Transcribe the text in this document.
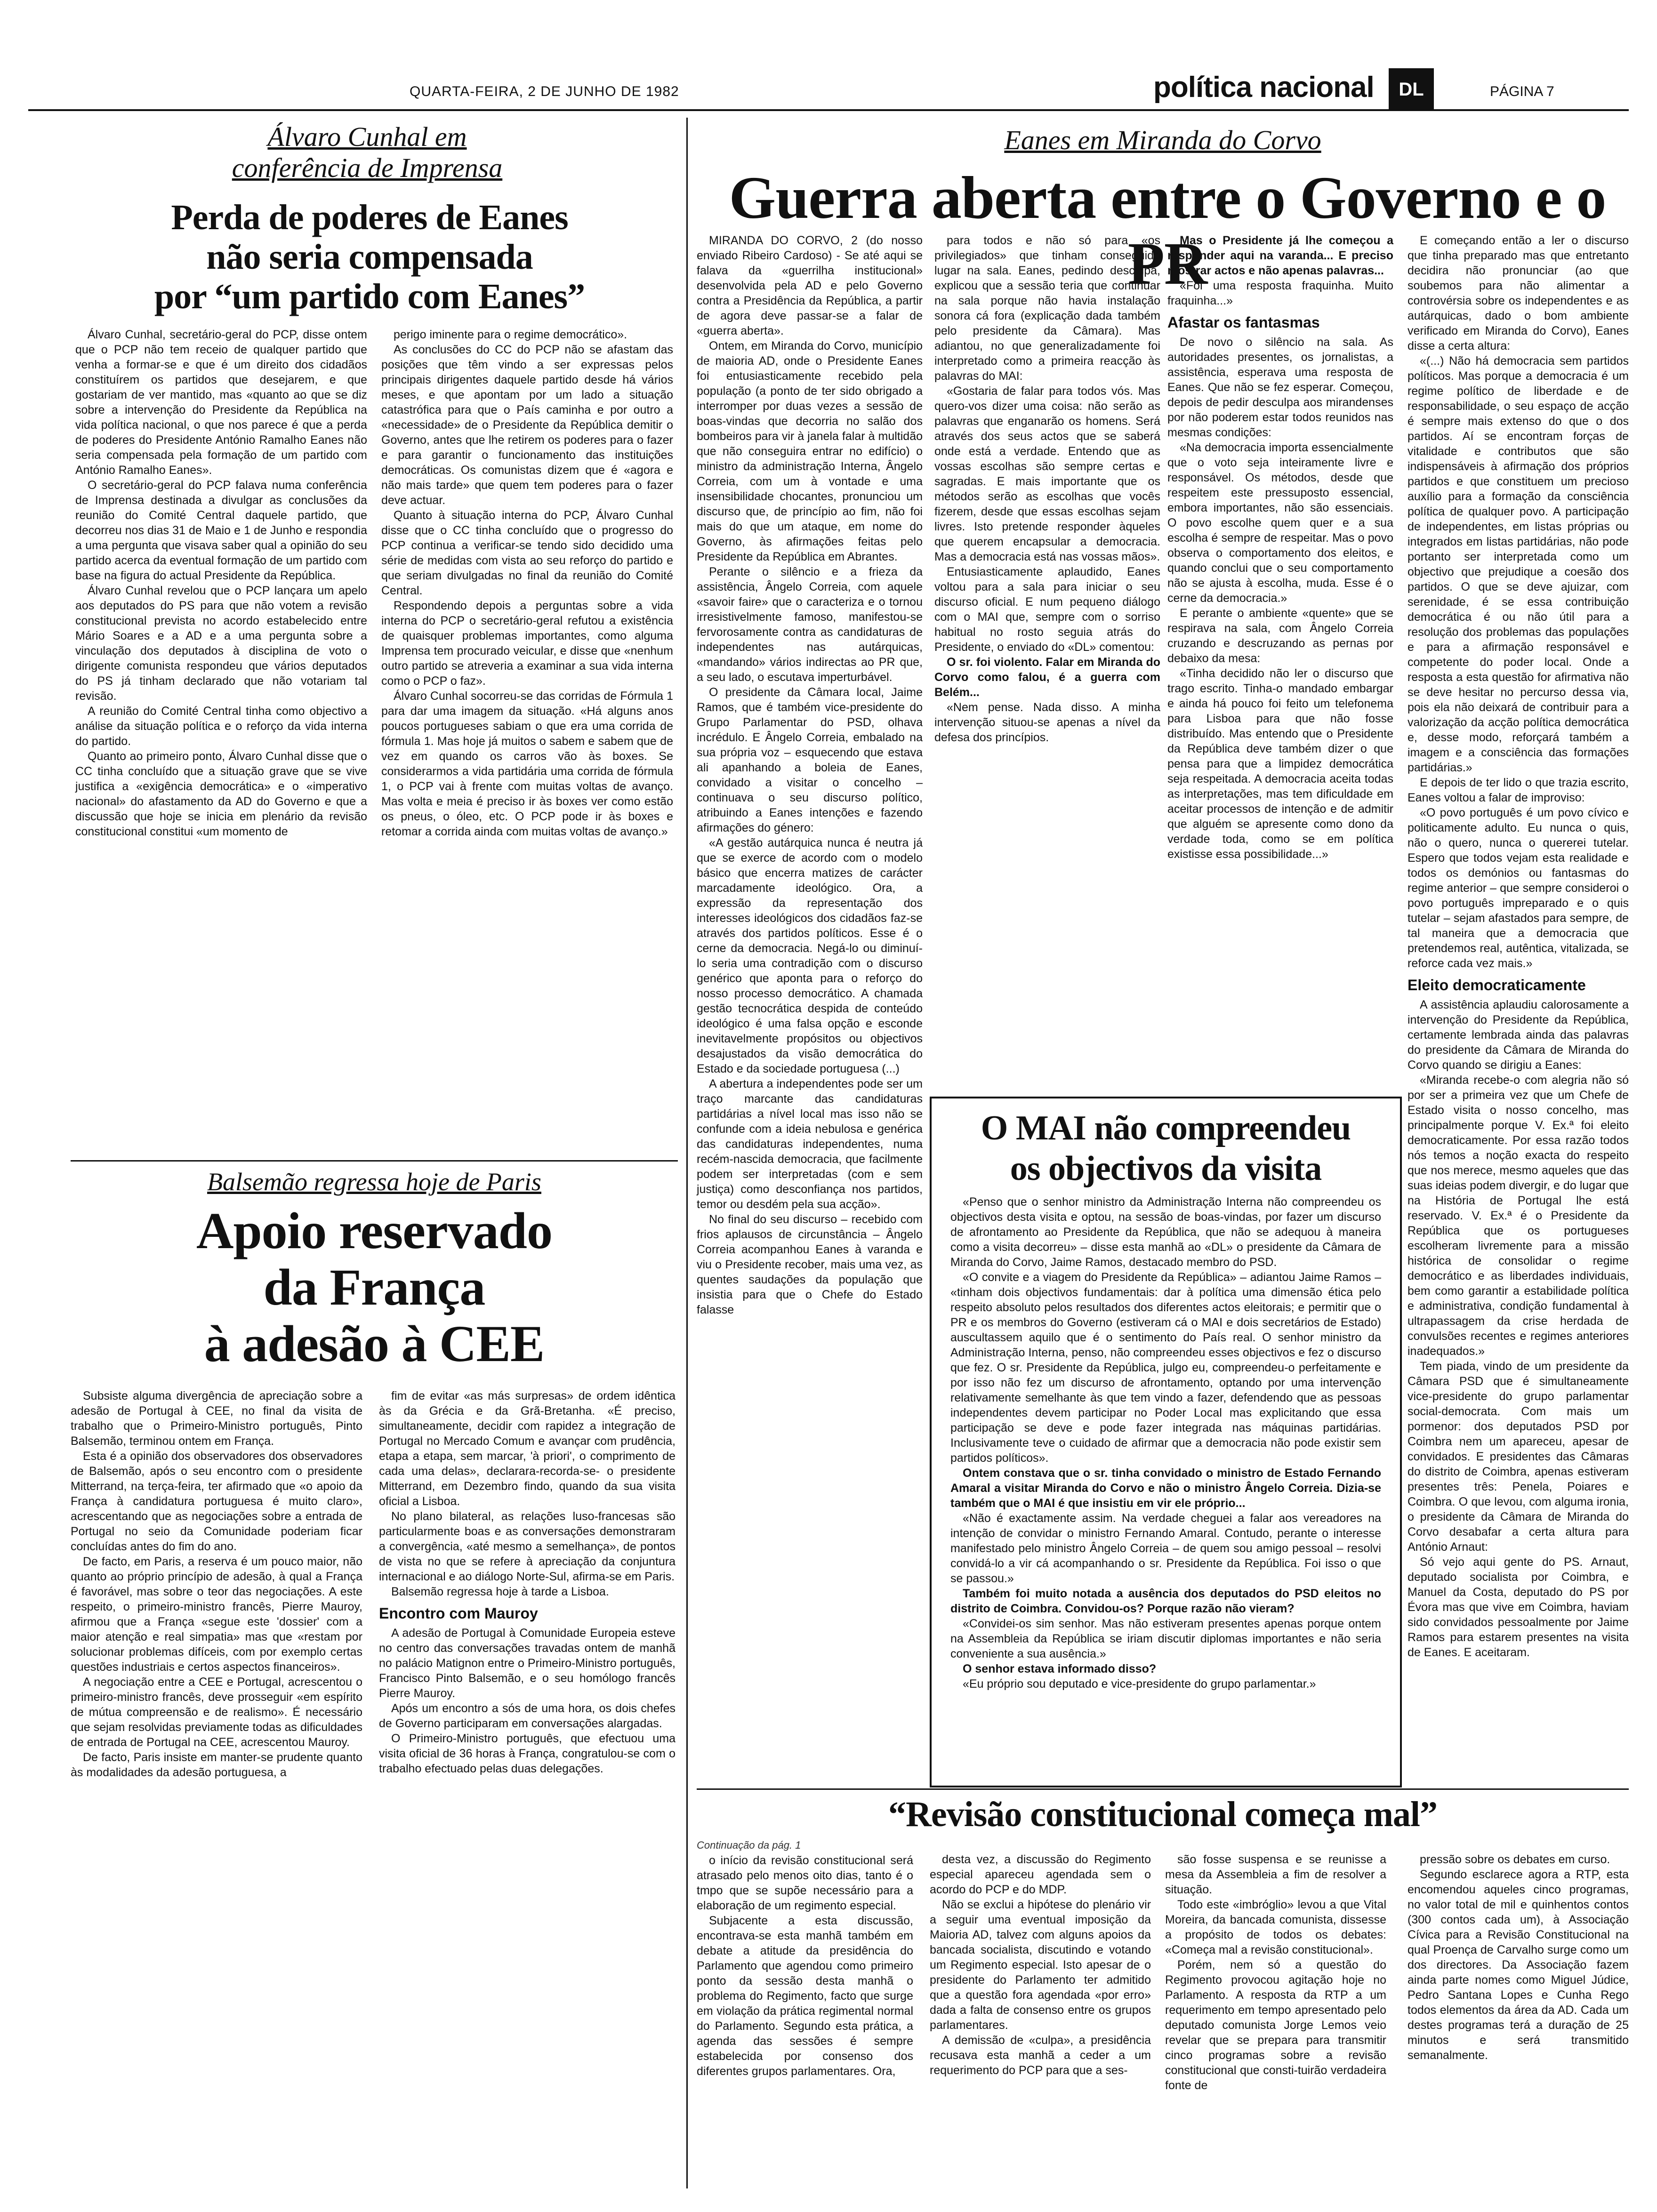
QUARTA-FEIRA, 2 DE JUNHO DE 1982	política nacional	DL	PÁGINA 7
Álvaro Cunhal em
conferência de Imprensa
Perda de poderes de Eanes
não seria compensada
por “um partido com Eanes”

Álvaro Cunhal, secretário-geral do PCP, disse ontem que o PCP não tem receio de qualquer partido que venha a formar-se e que é um direito dos cidadãos constituírem os partidos que desejarem, e que gostariam de ver mantido, mas «quanto ao que se diz sobre a intervenção do Presidente da República na vida política nacional, o que nos parece é que a perda de poderes do Presidente António Ramalho Eanes não seria compensada pela formação de um partido com António Ramalho Eanes».

O secretário-geral do PCP falava numa conferência de Imprensa destinada a divulgar as conclusões da reunião do Comité Central daquele partido, que decorreu nos dias 31 de Maio e 1 de Junho e respondia a uma pergunta que visava saber qual a opinião do seu partido acerca da eventual formação de um partido com base na figura do actual Presidente da República.

Álvaro Cunhal revelou que o PCP lançara um apelo aos deputados do PS para que não votem a revisão constitucional prevista no acordo estabelecido entre Mário Soares e a AD e a uma pergunta sobre a vinculação dos deputados à disciplina de voto o dirigente comunista respondeu que vários deputados do PS já tinham declarado que não votariam tal revisão.

A reunião do Comité Central tinha como objectivo a análise da situação política e o reforço da vida interna do partido.

Quanto ao primeiro ponto, Álvaro Cunhal disse que o CC tinha concluído que a situação grave que se vive justifica a «exigência democrática» e o «imperativo nacional» do afastamento da AD do Governo e que a discussão que hoje se inicia em plenário da revisão constitucional constitui «um momento de

perigo iminente para o regime democrático».

As conclusões do CC do PCP não se afastam das posições que têm vindo a ser expressas pelos principais dirigentes daquele partido desde há vários meses, e que apontam por um lado a situação catastrófica para que o País caminha e por outro a «necessidade» de o Presidente da República demitir o Governo, antes que lhe retirem os poderes para o fazer e para garantir o funcionamento das instituições democráticas. Os comunistas dizem que é «agora e não mais tarde» que quem tem poderes para o fazer deve actuar.

Quanto à situação interna do PCP, Álvaro Cunhal disse que o CC tinha concluído que o progresso do PCP continua a verificar-se tendo sido decidido uma série de medidas com vista ao seu reforço do partido e que seriam divulgadas no final da reunião do Comité Central.

Respondendo depois a perguntas sobre a vida interna do PCP o secretário-geral refutou a existência de quaisquer problemas importantes, como alguma Imprensa tem procurado veicular, e disse que «nenhum outro partido se atreveria a examinar a sua vida interna como o PCP o faz».

Álvaro Cunhal socorreu-se das corridas de Fórmula 1 para dar uma imagem da situação. «Há alguns anos poucos portugueses sabiam o que era uma corrida de fórmula 1. Mas hoje já muitos o sabem e sabem que de vez em quando os carros vão às boxes. Se considerarmos a vida partidária uma corrida de fórmula 1, o PCP vai à frente com muitas voltas de avanço. Mas volta e meia é preciso ir às boxes ver como estão os pneus, o óleo, etc. O PCP pode ir às boxes e retomar a corrida ainda com muitas voltas de avanço.»

Balsemão regressa hoje de Paris
Apoio reservado
da França
à adesão à CEE

Subsiste alguma divergência de apreciação sobre a adesão de Portugal à CEE, no final da visita de trabalho que o Primeiro-Ministro português, Pinto Balsemão, terminou ontem em França.

Esta é a opinião dos observadores dos observadores de Balsemão, após o seu encontro com o presidente Mitterrand, na terça-feira, ter afirmado que «o apoio da França à candidatura portuguesa é muito claro», acrescentando que as negociações sobre a entrada de Portugal no seio da Comunidade poderiam ficar concluídas antes do fim do ano.

De facto, em Paris, a reserva é um pouco maior, não quanto ao próprio princípio de adesão, à qual a França é favorável, mas sobre o teor das negociações. A este respeito, o primeiro-ministro francês, Pierre Mauroy, afirmou que a França «segue este 'dossier' com a maior atenção e real simpatia» mas que «restam por solucionar problemas difíceis, com por exemplo certas questões industriais e certos aspectos financeiros».

A negociação entre a CEE e Portugal, acrescentou o primeiro-ministro francês, deve prosseguir «em espírito de mútua compreensão e de realismo». É necessário que sejam resolvidas previamente todas as dificuldades de entrada de Portugal na CEE, acrescentou Mauroy.

De facto, Paris insiste em manter-se prudente quanto às modalidades da adesão portuguesa, a

fim de evitar «as más surpresas» de ordem idêntica às da Grécia e da Grã-Bretanha. «É preciso, simultaneamente, decidir com rapidez a integração de Portugal no Mercado Comum e avançar com prudência, etapa a etapa, sem marcar, 'à priori', o comprimento de cada uma delas», declarara-recorda-se- o presidente Mitterrand, em Dezembro findo, quando da sua visita oficial a Lisboa.

No plano bilateral, as relações luso-francesas são particularmente boas e as conversações demonstraram a convergência, «até mesmo a semelhança», de pontos de vista no que se refere à apreciação da conjuntura internacional e ao diálogo Norte-Sul, afirma-se em Paris.

Balsemão regressa hoje à tarde a Lisboa.

Encontro com Mauroy

A adesão de Portugal à Comunidade Europeia esteve no centro das conversações travadas ontem de manhã no palácio Matignon entre o Primeiro-Ministro português, Francisco Pinto Balsemão, e o seu homólogo francês Pierre Mauroy.

Após um encontro a sós de uma hora, os dois chefes de Governo participaram em conversações alargadas.

O Primeiro-Ministro português, que efectuou uma visita oficial de 36 horas à França, congratulou-se com o trabalho efectuado pelas duas delegações.

Eanes em Miranda do Corvo
Guerra aberta entre o Governo e o PR

MIRANDA DO CORVO, 2 (do nosso enviado Ribeiro Cardoso) - Se até aqui se falava da «guerrilha institucional» desenvolvida pela AD e pelo Governo contra a Presidência da República, a partir de agora deve passar-se a falar de «guerra aberta».

Ontem, em Miranda do Corvo, município de maioria AD, onde o Presidente Eanes foi entusiasticamente recebido pela população (a ponto de ter sido obrigado a interromper por duas vezes a sessão de boas-vindas que decorria no salão dos bombeiros para vir à janela falar à multidão que não conseguira entrar no edifício) o ministro da administração Interna, Ângelo Correia, com um à vontade e uma insensibilidade chocantes, pronunciou um discurso que, de princípio ao fim, não foi mais do que um ataque, em nome do Governo, às afirmações feitas pelo Presidente da República em Abrantes.

Perante o silêncio e a frieza da assistência, Ângelo Correia, com aquele «savoir faire» que o caracteriza e o tornou irresistivelmente famoso, manifestou-se fervorosamente contra as candidaturas de independentes nas autárquicas, «mandando» vários indirectas ao PR que, a seu lado, o escutava imperturbável.

O presidente da Câmara local, Jaime Ramos, que é também vice-presidente do Grupo Parlamentar do PSD, olhava incrédulo. E Ângelo Correia, embalado na sua própria voz – esquecendo que estava ali apanhando a boleia de Eanes, convidado a visitar o concelho – continuava o seu discurso político, atribuindo a Eanes intenções e fazendo afirmações do género:

«A gestão autárquica nunca é neutra já que se exerce de acordo com o modelo básico que encerra matizes de carácter marcadamente ideológico. Ora, a expressão da representação dos interesses ideológicos dos cidadãos faz-se através dos partidos políticos. Esse é o cerne da democracia. Negá-lo ou diminuí-lo seria uma contradição com o discurso genérico que aponta para o reforço do nosso processo democrático. A chamada gestão tecnocrática despida de conteúdo ideológico é uma falsa opção e esconde inevitavelmente propósitos ou objectivos desajustados da visão democrática do Estado e da sociedade portuguesa (...)

A abertura a independentes pode ser um traço marcante das candidaturas partidárias a nível local mas isso não se confunde com a ideia nebulosa e genérica das candidaturas independentes, numa recém-nascida democracia, que facilmente podem ser interpretadas (com e sem justiça) como desconfiança nos partidos, temor ou desdém pela sua acção».

No final do seu discurso – recebido com frios aplausos de circunstância – Ângelo Correia acompanhou Eanes à varanda e viu o Presidente recober, mais uma vez, as quentes saudações da população que insistia para que o Chefe do Estado falasse

para todos e não só para «os privilegiados» que tinham conseguido lugar na sala. Eanes, pedindo desculpa, explicou que a sessão teria que continuar na sala porque não havia instalação sonora cá fora (explicação dada também pelo presidente da Câmara). Mas adiantou, no que generalizadamente foi interpretado como a primeira reacção às palavras do MAI:

«Gostaria de falar para todos vós. Mas quero-vos dizer uma coisa: não serão as palavras que enganarão os homens. Será através dos seus actos que se saberá onde está a verdade. Entendo que as vossas escolhas são sempre certas e sagradas. E mais importante que os métodos serão as escolhas que vocês fizerem, desde que essas escolhas sejam livres. Isto pretende responder àqueles que querem encapsular a democracia. Mas a democracia está nas vossas mãos».

Entusiasticamente aplaudido, Eanes voltou para a sala para iniciar o seu discurso oficial. E num pequeno diálogo com o MAI que, sempre com o sorriso habitual no rosto seguia atrás do Presidente, o enviado do «DL» comentou:

O sr. foi violento. Falar em Miranda do Corvo como falou, é a guerra com Belém...

«Nem pense. Nada disso. A minha intervenção situou-se apenas a nível da defesa dos princípios.

Mas o Presidente já lhe começou a responder aqui na varanda... E preciso mostrar actos e não apenas palavras...

«Foi uma resposta fraquinha. Muito fraquinha...»

Afastar os fantasmas

De novo o silêncio na sala. As autoridades presentes, os jornalistas, a assistência, esperava uma resposta de Eanes. Que não se fez esperar. Começou, depois de pedir desculpa aos mirandenses por não poderem estar todos reunidos nas mesmas condições:

«Na democracia importa essencialmente que o voto seja inteiramente livre e responsável. Os métodos, desde que respeitem este pressuposto essencial, embora importantes, não são essenciais. O povo escolhe quem quer e a sua escolha é sempre de respeitar. Mas o povo observa o comportamento dos eleitos, e quando conclui que o seu comportamento não se ajusta à escolha, muda. Esse é o cerne da democracia.»

E perante o ambiente «quente» que se respirava na sala, com Ângelo Correia cruzando e descruzando as pernas por debaixo da mesa:

«Tinha decidido não ler o discurso que trago escrito. Tinha-o mandado embargar e ainda há pouco foi feito um telefonema para Lisboa para que não fosse distribuído. Mas entendo que o Presidente da República deve também dizer o que pensa para que a limpidez democrática seja respeitada. A democracia aceita todas as interpretações, mas tem dificuldade em aceitar processos de intenção e de admitir que alguém se apresente como dono da verdade toda, como se em política existisse essa possibilidade...»

E começando então a ler o discurso que tinha preparado mas que entretanto decidira não pronunciar (ao que soubemos para não alimentar a controvérsia sobre os independentes e as autárquicas, dado o bom ambiente verificado em Miranda do Corvo), Eanes disse a certa altura:

«(...) Não há democracia sem partidos políticos. Mas porque a democracia é um regime político de liberdade e de responsabilidade, o seu espaço de acção é sempre mais extenso do que o dos partidos. Aí se encontram forças de vitalidade e contributos que são indispensáveis à afirmação dos próprios partidos e que constituem um precioso auxílio para a formação da consciência política de qualquer povo. A participação de independentes, em listas próprias ou integrados em listas partidárias, não pode portanto ser interpretada como um objectivo que prejudique a coesão dos partidos. O que se deve ajuizar, com serenidade, é se essa contribuição democrática é ou não útil para a resolução dos problemas das populações e para a afirmação responsável e competente do poder local. Onde a resposta a esta questão for afirmativa não se deve hesitar no percurso dessa via, pois ela não deixará de contribuir para a valorização da acção política democrática e, desse modo, reforçará também a imagem e a consciência das formações partidárias.»

E depois de ter lido o que trazia escrito, Eanes voltou a falar de improviso:

«O povo português é um povo cívico e politicamente adulto. Eu nunca o quis, não o quero, nunca o quererei tutelar. Espero que todos vejam esta realidade e todos os demónios ou fantasmas do regime anterior – que sempre consideroi o povo português impreparado e o quis tutelar – sejam afastados para sempre, de tal maneira que a democracia que pretendemos real, autêntica, vitalizada, se reforce cada vez mais.»

Eleito democraticamente

A assistência aplaudiu calorosamente a intervenção do Presidente da República, certamente lembrada ainda das palavras do presidente da Câmara de Miranda do Corvo quando se dirigiu a Eanes:

«Miranda recebe-o com alegria não só por ser a primeira vez que um Chefe de Estado visita o nosso concelho, mas principalmente porque V. Ex.ª foi eleito democraticamente. Por essa razão todos nós temos a noção exacta do respeito que nos merece, mesmo aqueles que das suas ideias podem divergir, e do lugar que na História de Portugal lhe está reservado. V. Ex.ª é o Presidente da República que os portugueses escolheram livremente para a missão histórica de consolidar o regime democrático e as liberdades individuais, bem como garantir a estabilidade política e administrativa, condição fundamental à ultrapassagem da crise herdada de convulsões recentes e regimes anteriores inadequados.»

Tem piada, vindo de um presidente da Câmara PSD que é simultaneamente vice-presidente do grupo parlamentar social-democrata. Com mais um pormenor: dos deputados PSD por Coimbra nem um apareceu, apesar de convidados. E presidentes das Câmaras do distrito de Coimbra, apenas estiveram presentes três: Penela, Poiares e Coimbra. O que levou, com alguma ironia, o presidente da Câmara de Miranda do Corvo desabafar a certa altura para António Arnaut:

Só vejo aqui gente do PS. Arnaut, deputado socialista por Coimbra, e Manuel da Costa, deputado do PS por Évora mas que vive em Coimbra, haviam sido convidados pessoalmente por Jaime Ramos para estarem presentes na visita de Eanes. E aceitaram.

O MAI não compreendeu
os objectivos da visita

«Penso que o senhor ministro da Administração Interna não compreendeu os objectivos desta visita e optou, na sessão de boas-vindas, por fazer um discurso de afrontamento ao Presidente da República, que não se adequou à maneira como a visita decorreu» – disse esta manhã ao «DL» o presidente da Câmara de Miranda do Corvo, Jaime Ramos, destacado membro do PSD.

«O convite e a viagem do Presidente da República» – adiantou Jaime Ramos – «tinham dois objectivos fundamentais: dar à política uma dimensão ética pelo respeito absoluto pelos resultados dos diferentes actos eleitorais; e permitir que o PR e os membros do Governo (estiveram cá o MAI e dois secretários de Estado) auscultassem aquilo que é o sentimento do País real. O senhor ministro da Administração Interna, penso, não compreendeu esses objectivos e fez o discurso que fez. O sr. Presidente da República, julgo eu, compreendeu-o perfeitamente e por isso não fez um discurso de afrontamento, optando por uma intervenção relativamente semelhante às que tem vindo a fazer, defendendo que as pessoas independentes devem participar no Poder Local mas explicitando que essa participação se deve e pode fazer integrada nas máquinas partidárias. Inclusivamente teve o cuidado de afirmar que a democracia não pode existir sem partidos políticos».

Ontem constava que o sr. tinha convidado o ministro de Estado Fernando Amaral a visitar Miranda do Corvo e não o ministro Ângelo Correia. Dizia-se também que o MAI é que insistiu em vir ele próprio...

«Não é exactamente assim. Na verdade cheguei a falar aos vereadores na intenção de convidar o ministro Fernando Amaral. Contudo, perante o interesse manifestado pelo ministro Ângelo Correia – de quem sou amigo pessoal – resolvi convidá-lo a vir cá acompanhando o sr. Presidente da República. Foi isso o que se passou.»

Também foi muito notada a ausência dos deputados do PSD eleitos no distrito de Coimbra. Convidou-os? Porque razão não vieram?

«Convidei-os sim senhor. Mas não estiveram presentes apenas porque ontem na Assembleia da República se iriam discutir diplomas importantes e não seria conveniente a sua ausência.»

O senhor estava informado disso?

«Eu próprio sou deputado e vice-presidente do grupo parlamentar.»

“Revisão constitucional começa mal”
Continuação da pág. 1

o início da revisão constitucional será atrasado pelo menos oito dias, tanto é o tmpo que se supõe necessário para a elaboração de um regimento especial.

Subjacente a esta discussão, encontrava-se esta manhã também em debate a atitude da presidência do Parlamento que agendou como primeiro ponto da sessão desta manhã o problema do Regimento, facto que surge em violação da prática regimental normal do Parlamento. Segundo esta prática, a agenda das sessões é sempre estabelecida por consenso dos diferentes grupos parlamentares. Ora,

desta vez, a discussão do Regimento especial apareceu agendada sem o acordo do PCP e do MDP.

Não se exclui a hipótese do plenário vir a seguir uma eventual imposição da Maioria AD, talvez com alguns apoios da bancada socialista, discutindo e votando um Regimento especial. Isto apesar de o presidente do Parlamento ter admitido que a questão fora agendada «por erro» dada a falta de consenso entre os grupos parlamentares.

A demissão de «culpa», a presidência recusava esta manhã a ceder a um requerimento do PCP para que a ses-

são fosse suspensa e se reunisse a mesa da Assembleia a fim de resolver a situação.

Todo este «imbróglio» levou a que Vital Moreira, da bancada comunista, dissesse a propósito de todos os debates: «Começa mal a revisão constitucional».

Porém, nem só a questão do Regimento provocou agitação hoje no Parlamento. A resposta da RTP a um requerimento em tempo apresentado pelo deputado comunista Jorge Lemos veio revelar que se prepara para transmitir cinco programas sobre a revisão constitucional que consti-tuirão verdadeira fonte de

pressão sobre os debates em curso.

Segundo esclarece agora a RTP, esta encomendou aqueles cinco programas, no valor total de mil e quinhentos contos (300 contos cada um), à Associação Cívica para a Revisão Constitucional na qual Proença de Carvalho surge como um dos directores. Da Associação fazem ainda parte nomes como Miguel Júdice, Pedro Santana Lopes e Cunha Rego todos elementos da área da AD. Cada um destes programas terá a duração de 25 minutos e será transmitido semanalmente.
